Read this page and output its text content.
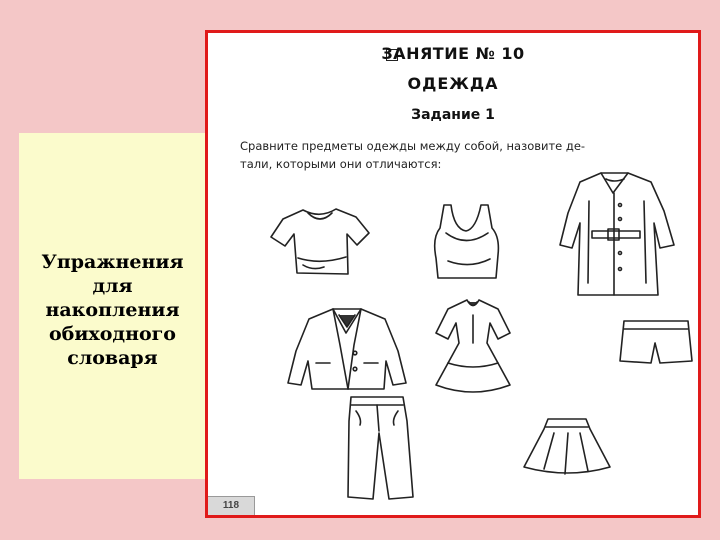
Упражнения
для
накопления
обиходного
словаря
ЗАНЯТИЕ № 10
ОДЕЖДА
Задание 1
Сравните предметы одежды между собой, назовите де-
тали, которыми они отличаются:
118
